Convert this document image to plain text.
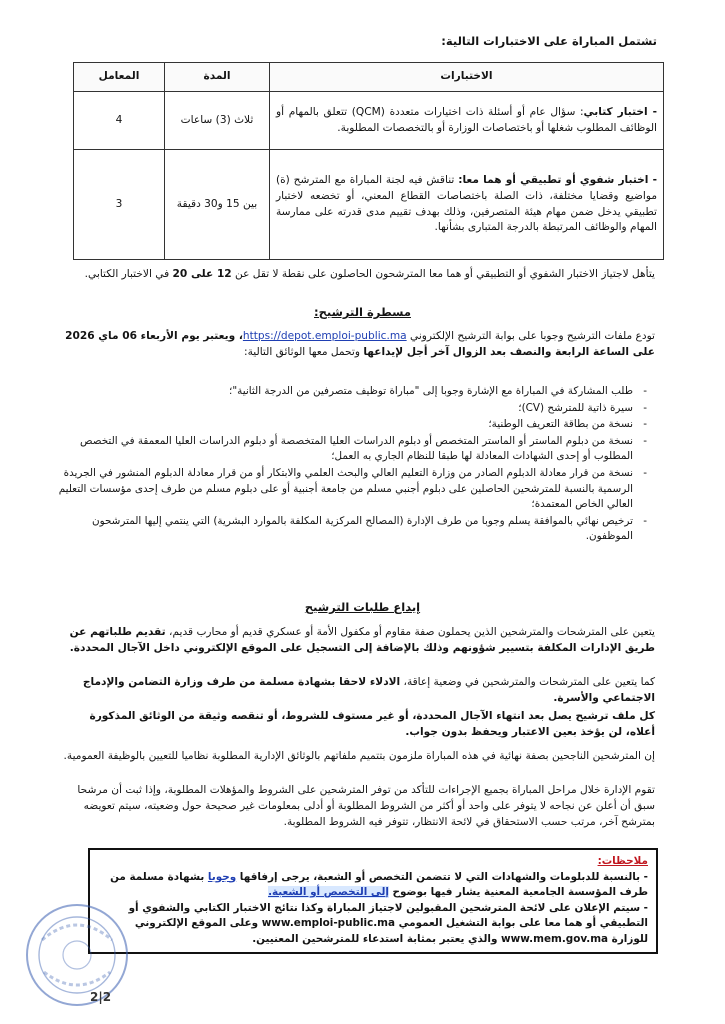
تشتمل المباراة على الاختبارات التالية:
الاختبارات	المدة	المعامل
- اختبار كتابي: سؤال عام أو أسئلة ذات اختيارات متعددة (QCM) تتعلق بالمهام أو الوظائف المطلوب شغلها أو باختصاصات الوزارة أو بالتخصصات المطلوبة.	ثلاث (3) ساعات	4
- اختبار شفوي أو تطبيقي أو هما معا: تناقش فيه لجنة المباراة مع المترشح (ة) مواضيع وقضايا مختلفة، ذات الصلة باختصاصات القطاع المعني، أو تخضعه لاختبار تطبيقي يدخل ضمن مهام هيئة المتصرفين، وذلك بهدف تقييم مدى قدرته على ممارسة المهام والوظائف المرتبطة بالدرجة المتبارى بشأنها.	بين 15 و30 دقيقة	3
يتأهل لاجتياز الاختبار الشفوي أو التطبيقي أو هما معا المترشحون الحاصلون على نقطة لا تقل عن 12 على 20 في الاختبار الكتابي.
مسطرة الترشيح:
تودع ملفات الترشيح وجوبا على بوابة الترشيح الإلكتروني https://depot.emploi-public.ma، ويعتبر يوم الأربعاء 06 ماي 2026 على الساعة الرابعة والنصف بعد الزوال آخر أجل لإيداعها وتحمل معها الوثائق التالية:
- طلب المشاركة في المباراة مع الإشارة وجوبا إلى "مباراة توظيف متصرفين من الدرجة الثانية"؛
- سيرة ذاتية للمترشح (CV)؛
- نسخة من بطاقة التعريف الوطنية؛
- نسخة من دبلوم الماستر أو الماستر المتخصص أو دبلوم الدراسات العليا المتخصصة أو دبلوم الدراسات العليا المعمقة في التخصص المطلوب أو إحدى الشهادات المعادلة لها طبقا للنظام الجاري به العمل؛
- نسخة من قرار معادلة الدبلوم الصادر من وزارة التعليم العالي والبحث العلمي والابتكار أو من قرار معادلة الدبلوم المنشور في الجريدة الرسمية بالنسبة للمترشحين الحاصلين على دبلوم أجنبي مسلم من جامعة أجنبية أو على دبلوم مسلم من طرف إحدى مؤسسات التعليم العالي الخاص المعتمدة؛
- ترخيص نهائي بالموافقة يسلم وجوبا من طرف الإدارة (المصالح المركزية المكلفة بالموارد البشرية) التي ينتمي إليها المترشحون الموظفون.
إيداع طلبات الترشيح
يتعين على المترشحات والمترشحين الذين يحملون صفة مقاوم أو مكفول الأمة أو عسكري قديم أو محارب قديم، تقديم طلباتهم عن طريق الإدارات المكلفة بتسيير شؤونهم وذلك بالإضافة إلى التسجيل على الموقع الإلكتروني داخل الآجال المحددة.
كما يتعين على المترشحات والمترشحين في وضعية إعاقة، الادلاء لاحقا بشهادة مسلمة من طرف وزارة التضامن والإدماج الاجتماعي والأسرة.
كل ملف ترشيح يصل بعد انتهاء الآجال المحددة، أو غير مستوف للشروط، أو تنقصه وثيقة من الوثائق المذكورة أعلاه، لن يؤخذ بعين الاعتبار ويحفظ بدون جواب.
إن المترشحين الناجحين بصفة نهائية في هذه المباراة ملزمون بتتميم ملفاتهم بالوثائق الإدارية المطلوبة نظاميا للتعيين بالوظيفة العمومية.
تقوم الإدارة خلال مراحل المباراة بجميع الإجراءات للتأكد من توفر المترشحين على الشروط والمؤهلات المطلوبة، وإذا ثبت أن مرشحا سبق أن أعلن عن نجاحه لا يتوفر على واحد أو أكثر من الشروط المطلوبة أو أدلى بمعلومات غير صحيحة حول وضعيته، سيتم تعويضه بمترشح آخر، مرتب حسب الاستحقاق في لائحة الانتظار، تتوفر فيه الشروط المطلوبة.
ملاحظات:
- بالنسبة للدبلومات والشهادات التي لا تتضمن التخصص أو الشعبة، يرجى إرفاقها وجوبا بشهادة مسلمة من طرف المؤسسة الجامعية المعنية يشار فيها بوضوح إلى التخصص أو الشعبة.
- سيتم الإعلان على لائحة المترشحين المقبولين لاجتياز المباراة وكذا نتائج الاختبار الكتابي والشفوي أو التطبيقي أو هما معا على بوابة التشغيل العمومي www.emploi-public.ma وعلى الموقع الإلكتروني للوزارة www.mem.gov.ma والذي يعتبر بمثابة استدعاء للمترشحين المعنيين.
2|2
